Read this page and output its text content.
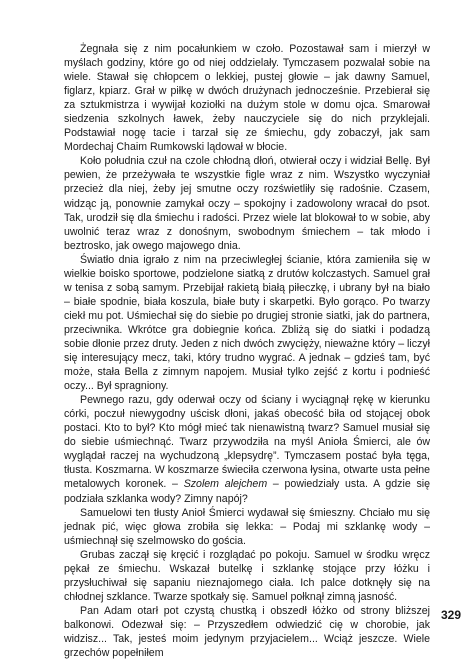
Żegnała się z nim pocałunkiem w czoło. Pozostawał sam i mierzył w myślach godziny, które go od niej oddzielały. Tymczasem pozwalał sobie na wiele. Stawał się chłopcem o lekkiej, pustej głowie – jak dawny Samuel, figlarz, kpiarz. Grał w piłkę w dwóch drużynach jednocześnie. Przebierał się za sztukmistrza i wywijał koziołki na dużym stole w domu ojca. Smarował siedzenia szkolnych ławek, żeby nauczyciele się do nich przyklejali. Podstawiał nogę tacie i tarzał się ze śmiechu, gdy zobaczył, jak sam Mordechaj Chaim Rumkowski lądował w błocie.

Koło południa czuł na czole chłodną dłoń, otwierał oczy i widział Bellę. Był pewien, że przeżywała te wszystkie figle wraz z nim. Wszystko wyczyniał przecież dla niej, żeby jej smutne oczy rozświetliły się radośnie. Czasem, widząc ją, ponownie zamykał oczy – spokojny i zadowolony wracał do psot. Tak, urodził się dla śmiechu i radości. Przez wiele lat blokował to w sobie, aby uwolnić teraz wraz z donośnym, swobodnym śmiechem – tak młodo i beztrosko, jak owego majowego dnia.

Światło dnia igrało z nim na przeciwległej ścianie, która zamieniła się w wielkie boisko sportowe, podzielone siatką z drutów kolczastych. Samuel grał w tenisa z sobą samym. Przebijał rakietą białą piłeczkę, i ubrany był na biało – białe spodnie, biała koszula, białe buty i skarpetki. Było gorąco. Po twarzy ciekł mu pot. Uśmiechał się do siebie po drugiej stronie siatki, jak do partnera, przeciwnika. Wkrótce gra dobiegnie końca. Zbliżą się do siatki i podadzą sobie dłonie przez druty. Jeden z nich dwóch zwycięży, nieważne który – liczył się interesujący mecz, taki, który trudno wygrać. A jednak – gdzieś tam, być może, stała Bella z zimnym napojem. Musiał tylko zejść z kortu i podnieść oczy... Był spragniony.

Pewnego razu, gdy oderwał oczy od ściany i wyciągnął rękę w kierunku córki, poczuł niewygodny uścisk dłoni, jakaś obecość biła od stojącej obok postaci. Kto to był? Kto mógł mieć tak nienawistną twarz? Samuel musiał się do siebie uśmiechnąć. Twarz przywodziła na myśl Anioła Śmierci, ale ów wyglądał raczej na wychudzoną „klepsydrę”. Tymczasem postać była tęga, tłusta. Koszmarna. W koszmarze świeciła czerwona łysina, otwarte usta pełne metalowych koronek. – Szolem alejchem – powiedziały usta. A gdzie się podziała szklanka wody? Zimny napój?

Samuelowi ten tłusty Anioł Śmierci wydawał się śmieszny. Chciało mu się jednak pić, więc głowa zrobiła się lekka: – Podaj mi szklankę wody – uśmiechnął się szelmowsko do gościa.

Grubas zaczął się kręcić i rozglądać po pokoju. Samuel w środku wręcz pękał ze śmiechu. Wskazał butelkę i szklankę stojące przy łóżku i przysłuchiwał się sapaniu nieznajomego ciała. Ich palce dotknęły się na chłodnej szklance. Twarze spotkały się. Samuel połknął zimną jasność.

Pan Adam otarł pot czystą chustką i obszedł łóżko od strony bliższej balkonowi. Odezwał się: – Przyszedłem odwiedzić cię w chorobie, jak widzisz... Tak, jesteś moim jedynym przyjacielem... Wciąż jeszcze. Wiele grzechów popełniłem

329
